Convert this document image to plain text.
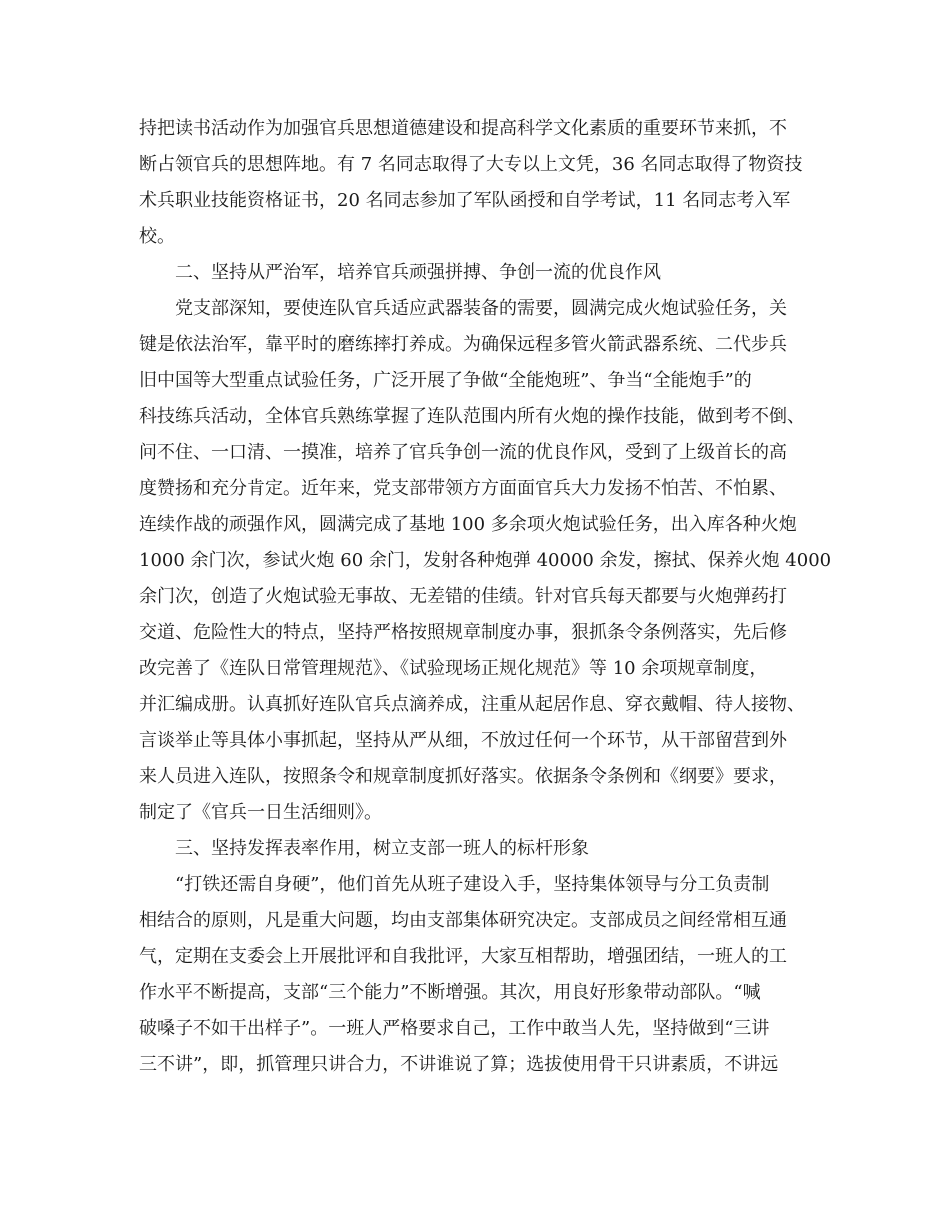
持把读书活动作为加强官兵思想道德建设和提高科学文化素质的重要环节来抓，不
断占领官兵的思想阵地。有 7 名同志取得了大专以上文凭，36 名同志取得了物资技
术兵职业技能资格证书，20 名同志参加了军队函授和自学考试，11 名同志考入军
校。
　　二、坚持从严治军，培养官兵顽强拼搏、争创一流的优良作风
　　党支部深知，要使连队官兵适应武器装备的需要，圆满完成火炮试验任务，关
键是依法治军，靠平时的磨练摔打养成。为确保远程多管火箭武器系统、二代步兵
旧中国等大型重点试验任务，广泛开展了争做“全能炮班”、争当“全能炮手”的
科技练兵活动，全体官兵熟练掌握了连队范围内所有火炮的操作技能，做到考不倒、
问不住、一口清、一摸准，培养了官兵争创一流的优良作风，受到了上级首长的高
度赞扬和充分肯定。近年来，党支部带领方方面面官兵大力发扬不怕苦、不怕累、
连续作战的顽强作风，圆满完成了基地 100 多余项火炮试验任务，出入库各种火炮
1000 余门次，参试火炮 60 余门，发射各种炮弹 40000 余发，擦拭、保养火炮 4000
余门次，创造了火炮试验无事故、无差错的佳绩。针对官兵每天都要与火炮弹药打
交道、危险性大的特点，坚持严格按照规章制度办事，狠抓条令条例落实，先后修
改完善了《连队日常管理规范》、《试验现场正规化规范》等 10 余项规章制度，
并汇编成册。认真抓好连队官兵点滴养成，注重从起居作息、穿衣戴帽、待人接物、
言谈举止等具体小事抓起，坚持从严从细，不放过任何一个环节，从干部留营到外
来人员进入连队，按照条令和规章制度抓好落实。依据条令条例和《纲要》要求，
制定了《官兵一日生活细则》。
　　三、坚持发挥表率作用，树立支部一班人的标杆形象
　　“打铁还需自身硬”，他们首先从班子建设入手，坚持集体领导与分工负责制
相结合的原则，凡是重大问题，均由支部集体研究决定。支部成员之间经常相互通
气，定期在支委会上开展批评和自我批评，大家互相帮助，增强团结，一班人的工
作水平不断提高，支部“三个能力”不断增强。其次，用良好形象带动部队。“喊
破嗓子不如干出样子”。一班人严格要求自己，工作中敢当人先，坚持做到“三讲
三不讲”，即，抓管理只讲合力，不讲谁说了算；选拔使用骨干只讲素质，不讲远
